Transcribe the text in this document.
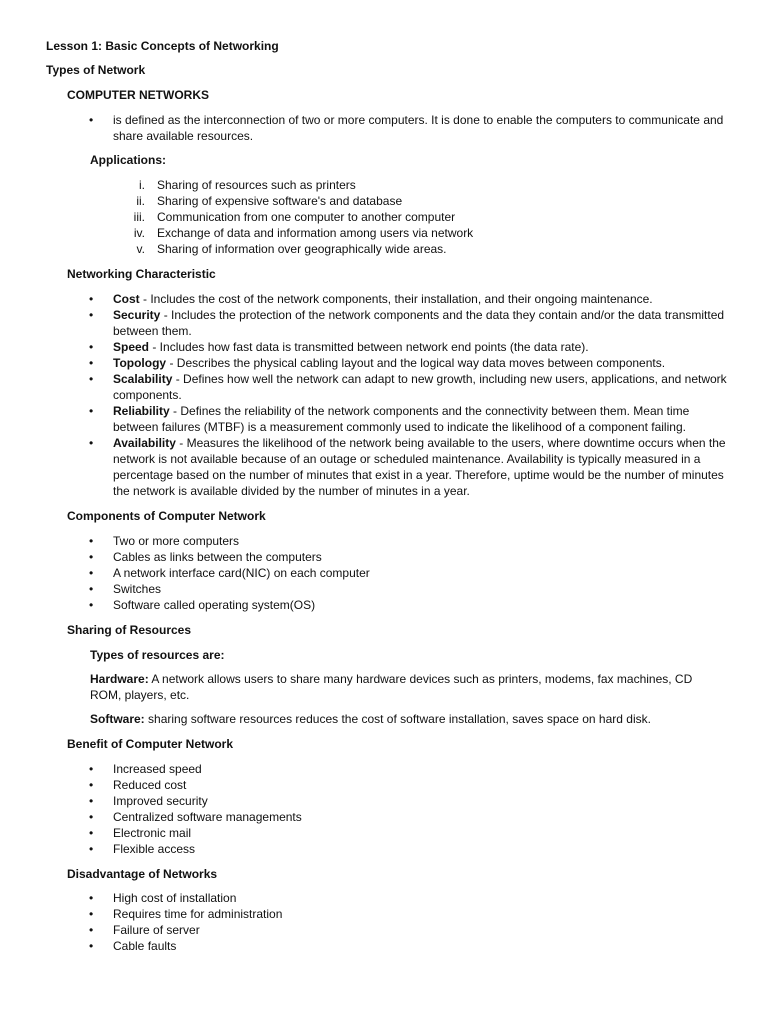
Lesson 1: Basic Concepts of Networking
Types of Network

COMPUTER NETWORKS

• is defined as the interconnection of two or more computers. It is done to enable the computers to communicate and share available resources.

Applications:

i. Sharing of resources such as printers
ii. Sharing of expensive software's and database
iii. Communication from one computer to another computer
iv. Exchange of data and information among users via network
v. Sharing of information over geographically wide areas.

Networking Characteristic

• Cost - Includes the cost of the network components, their installation, and their ongoing maintenance.
• Security - Includes the protection of the network components and the data they contain and/or the data transmitted between them.
• Speed - Includes how fast data is transmitted between network end points (the data rate).
• Topology - Describes the physical cabling layout and the logical way data moves between components.
• Scalability - Defines how well the network can adapt to new growth, including new users, applications, and network components.
• Reliability - Defines the reliability of the network components and the connectivity between them. Mean time between failures (MTBF) is a measurement commonly used to indicate the likelihood of a component failing.
• Availability - Measures the likelihood of the network being available to the users, where downtime occurs when the network is not available because of an outage or scheduled maintenance. Availability is typically measured in a percentage based on the number of minutes that exist in a year. Therefore, uptime would be the number of minutes the network is available divided by the number of minutes in a year.

Components of Computer Network

• Two or more computers
• Cables as links between the computers
• A network interface card(NIC) on each computer
• Switches
• Software called operating system(OS)

Sharing of Resources

Types of resources are:

Hardware: A network allows users to share many hardware devices such as printers, modems, fax machines, CD ROM, players, etc.

Software: sharing software resources reduces the cost of software installation, saves space on hard disk.

Benefit of Computer Network

• Increased speed
• Reduced cost
• Improved security
• Centralized software managements
• Electronic mail
• Flexible access

Disadvantage of Networks

• High cost of installation
• Requires time for administration
• Failure of server
• Cable faults
